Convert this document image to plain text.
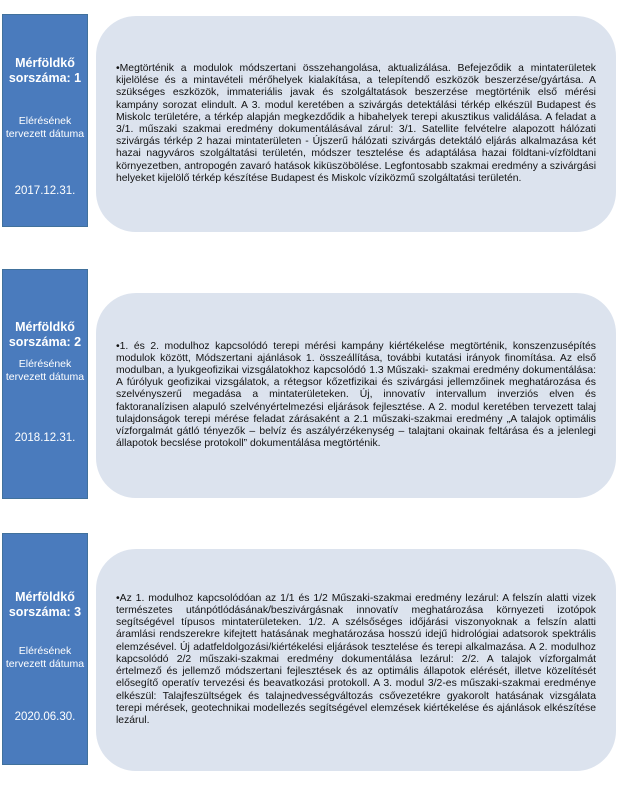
Mérföldkő sorszáma: 1
Elérésének tervezett dátuma
2017.12.31.
•Megtörténik a modulok módszertani összehangolása, aktualizálása. Befejeződik a mintaterületek kijelölése és a mintavételi mérőhelyek kialakítása, a telepítendő eszközök beszerzése/gyártása. A szükséges eszközök, immateriális javak és szolgáltatások beszerzése megtörténik első mérési kampány sorozat elindult. A 3. modul keretében a szivárgás detektálási térkép elkészül Budapest és Miskolc területére, a térkép alapján megkezdődik a hibahelyek terepi akusztikus validálása. A feladat a 3/1. műszaki szakmai eredmény dokumentálásával zárul: 3/1. Satellite felvételre alapozott hálózati szivárgás térkép 2 hazai mintaterületen - Újszerű hálózati szivárgás detektáló eljárás alkalmazása két hazai nagyváros szolgáltatási területén, módszer tesztelése és adaptálása hazai földtani-vízföldtani környezetben, antropogén zavaró hatások kiküszöbölése. Legfontosabb szakmai eredmény a szivárgási helyeket kijelölő térkép készítése Budapest és Miskolc víziközmű szolgáltatási területén.
Mérföldkő sorszáma: 2
Elérésének tervezett dátuma
2018.12.31.
•1. és 2. modulhoz kapcsolódó terepi mérési kampány kiértékelése megtörténik, konszenzusépítés modulok között, Módszertani ajánlások 1. összeállítása, további kutatási irányok finomítása. Az első modulban, a lyukgeofizikai vizsgálatokhoz kapcsolódó 1.3 Műszaki- szakmai eredmény dokumentálása: A fúrólyuk geofizikai vizsgálatok, a rétegsor kőzetfizikai és szivárgási jellemzőinek meghatározása és szelvényszerű megadása a mintaterületeken. Új, innovatív intervallum inverziós elven és faktoranalízisen alapuló szelvényértelmezési eljárások fejlesztése. A 2. modul keretében tervezett talaj tulajdonságok terepi mérése feladat zárásaként a 2.1 műszaki-szakmai eredmény „A talajok optimális vízforgalmát gátló tényezők – belvíz és aszályérzékenység – talajtani okainak feltárása és a jelenlegi állapotok becslése protokoll” dokumentálása megtörténik.
Mérföldkő sorszáma: 3
Elérésének tervezett dátuma
2020.06.30.
•Az 1. modulhoz kapcsolódóan az 1/1 és 1/2 Műszaki-szakmai eredmény lezárul: A felszín alatti vizek természetes utánpótlódásának/beszivárgásnak innovatív meghatározása környezeti izotópok segítségével típusos mintaterületeken. 1/2. A szélsőséges időjárási viszonyoknak a felszín alatti áramlási rendszerekre kifejtett hatásának meghatározása hosszú idejű hidrológiai adatsorok spektrális elemzésével. Új adatfeldolgozási/kiértékelési eljárások tesztelése és terepi alkalmazása. A 2. modulhoz kapcsolódó 2/2 műszaki-szakmai eredmény dokumentálása lezárul: 2/2. A talajok vízforgalmát értelmező és jellemző módszertani fejlesztések és az optimális állapotok elérését, illetve közelítését elősegítő operatív tervezési és beavatkozási protokoll. A 3. modul 3/2-es műszaki-szakmai eredménye elkészül: Talajfeszültségek és talajnedvességváltozás csővezetékre gyakorolt hatásának vizsgálata terepi mérések, geotechnikai modellezés segítségével elemzések kiértékelése és ajánlások elkészítése lezárul.
